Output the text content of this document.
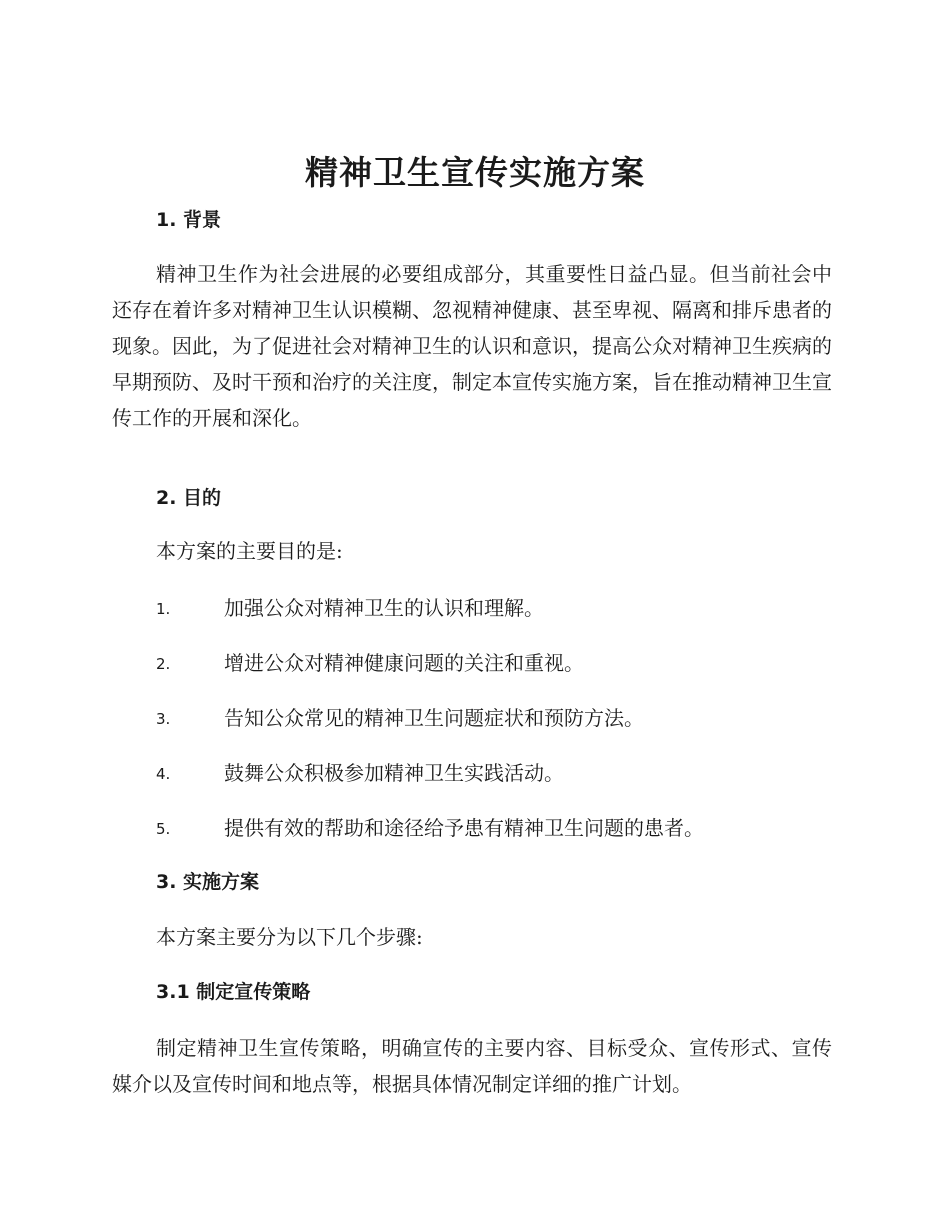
精神卫生宣传实施方案
1. 背景

精神卫生作为社会进展的必要组成部分，其重要性日益凸显。但当前社会中还存在着许多对精神卫生认识模糊、忽视精神健康、甚至卑视、隔离和排斥患者的现象。因此，为了促进社会对精神卫生的认识和意识，提高公众对精神卫生疾病的早期预防、及时干预和治疗的关注度，制定本宣传实施方案，旨在推动精神卫生宣传工作的开展和深化。

2. 目的

本方案的主要目的是:

1.	加强公众对精神卫生的认识和理解。
2.	增进公众对精神健康问题的关注和重视。
3.	告知公众常见的精神卫生问题症状和预防方法。
4.	鼓舞公众积极参加精神卫生实践活动。
5.	提供有效的帮助和途径给予患有精神卫生问题的患者。
3. 实施方案

本方案主要分为以下几个步骤:

3.1 制定宣传策略

制定精神卫生宣传策略，明确宣传的主要内容、目标受众、宣传形式、宣传媒介以及宣传时间和地点等，根据具体情况制定详细的推广计划。
